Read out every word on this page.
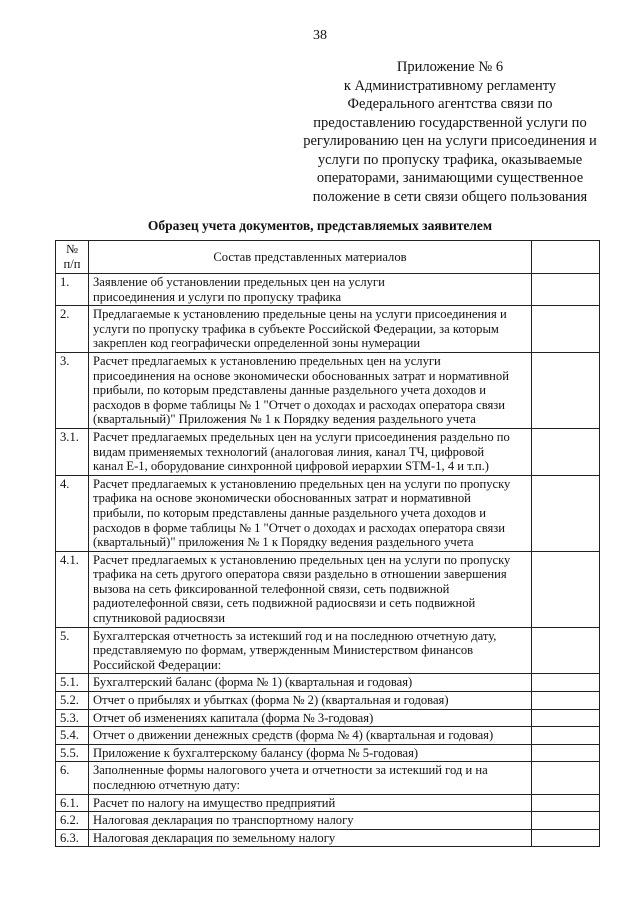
38
Приложение № 6
к Административному регламенту
Федерального агентства связи по
предоставлению государственной услуги по
регулированию цен на услуги присоединения и
услуги по пропуску трафика, оказываемые
операторами, занимающими существенное
положение в сети связи общего пользования
Образец учета документов, представляемых заявителем
№
п/п	Состав представленных материалов	
1.	Заявление об установлении предельных цен на услуги
присоединения и услуги по пропуску трафика	

2.	Предлагаемые к установлению предельные цены на услуги присоединения и
услуги по пропуску трафика в субъекте Российской Федерации, за которым
закреплен код географически определенной зоны нумерации	

3.	Расчет предлагаемых к установлению предельных цен на услуги
присоединения на основе экономически обоснованных затрат и нормативной
прибыли, по которым представлены данные раздельного учета доходов и
расходов в форме таблицы № 1 "Отчет о доходах и расходах оператора связи
(квартальный)" Приложения № 1 к Порядку ведения раздельного учета	

3.1.	Расчет предлагаемых предельных цен на услуги присоединения раздельно по
видам применяемых технологий (аналоговая линия, канал ТЧ, цифровой
канал Е-1, оборудование синхронной цифровой иерархии STM-1, 4 и т.п.)	

4.	Расчет предлагаемых к установлению предельных цен на услуги по пропуску
трафика на основе экономически обоснованных затрат и нормативной
прибыли, по которым представлены данные раздельного учета доходов и
расходов в форме таблицы № 1 "Отчет о доходах и расходах оператора связи
(квартальный)" приложения № 1 к Порядку ведения раздельного учета	

4.1.	Расчет предлагаемых к установлению предельных цен на услуги по пропуску
трафика на сеть другого оператора связи раздельно в отношении завершения
вызова на сеть фиксированной телефонной связи, сеть подвижной
радиотелефонной связи, сеть подвижной радиосвязи и сеть подвижной
спутниковой радиосвязи	

5.	Бухгалтерская отчетность за истекший год и на последнюю отчетную дату,
представляемую по формам, утвержденным Министерством финансов
Российской Федерации:	

5.1.	Бухгалтерский баланс (форма № 1) (квартальная и годовая)	

5.2.	Отчет о прибылях и убытках (форма № 2) (квартальная и годовая)	

5.3.	Отчет об изменениях капитала (форма № 3-годовая)	

5.4.	Отчет о движении денежных средств (форма № 4) (квартальная и годовая)	

5.5.	Приложение к бухгалтерскому балансу (форма № 5-годовая)	

6.	Заполненные формы налогового учета и отчетности за истекший год и на
последнюю отчетную дату:	

6.1.	Расчет по налогу на имущество предприятий	

6.2.	Налоговая декларация по транспортному налогу	

6.3.	Налоговая декларация по земельному налогу	
